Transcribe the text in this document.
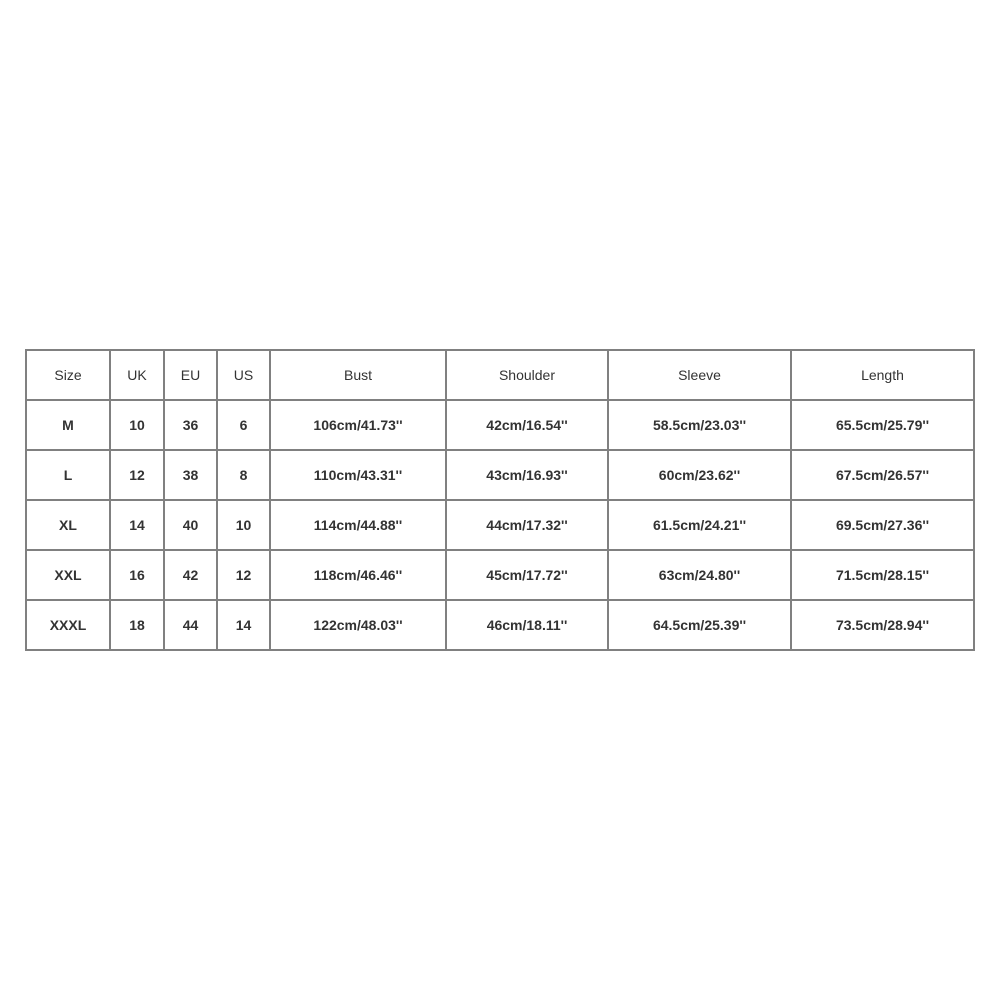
Size	UK	EU	US	Bust	Shoulder	Sleeve	Length
M	10	36	6	106cm/41.73''	42cm/16.54''	58.5cm/23.03''	65.5cm/25.79''
L	12	38	8	110cm/43.31''	43cm/16.93''	60cm/23.62''	67.5cm/26.57''
XL	14	40	10	114cm/44.88''	44cm/17.32''	61.5cm/24.21''	69.5cm/27.36''
XXL	16	42	12	118cm/46.46''	45cm/17.72''	63cm/24.80''	71.5cm/28.15''
XXXL	18	44	14	122cm/48.03''	46cm/18.11''	64.5cm/25.39''	73.5cm/28.94''
